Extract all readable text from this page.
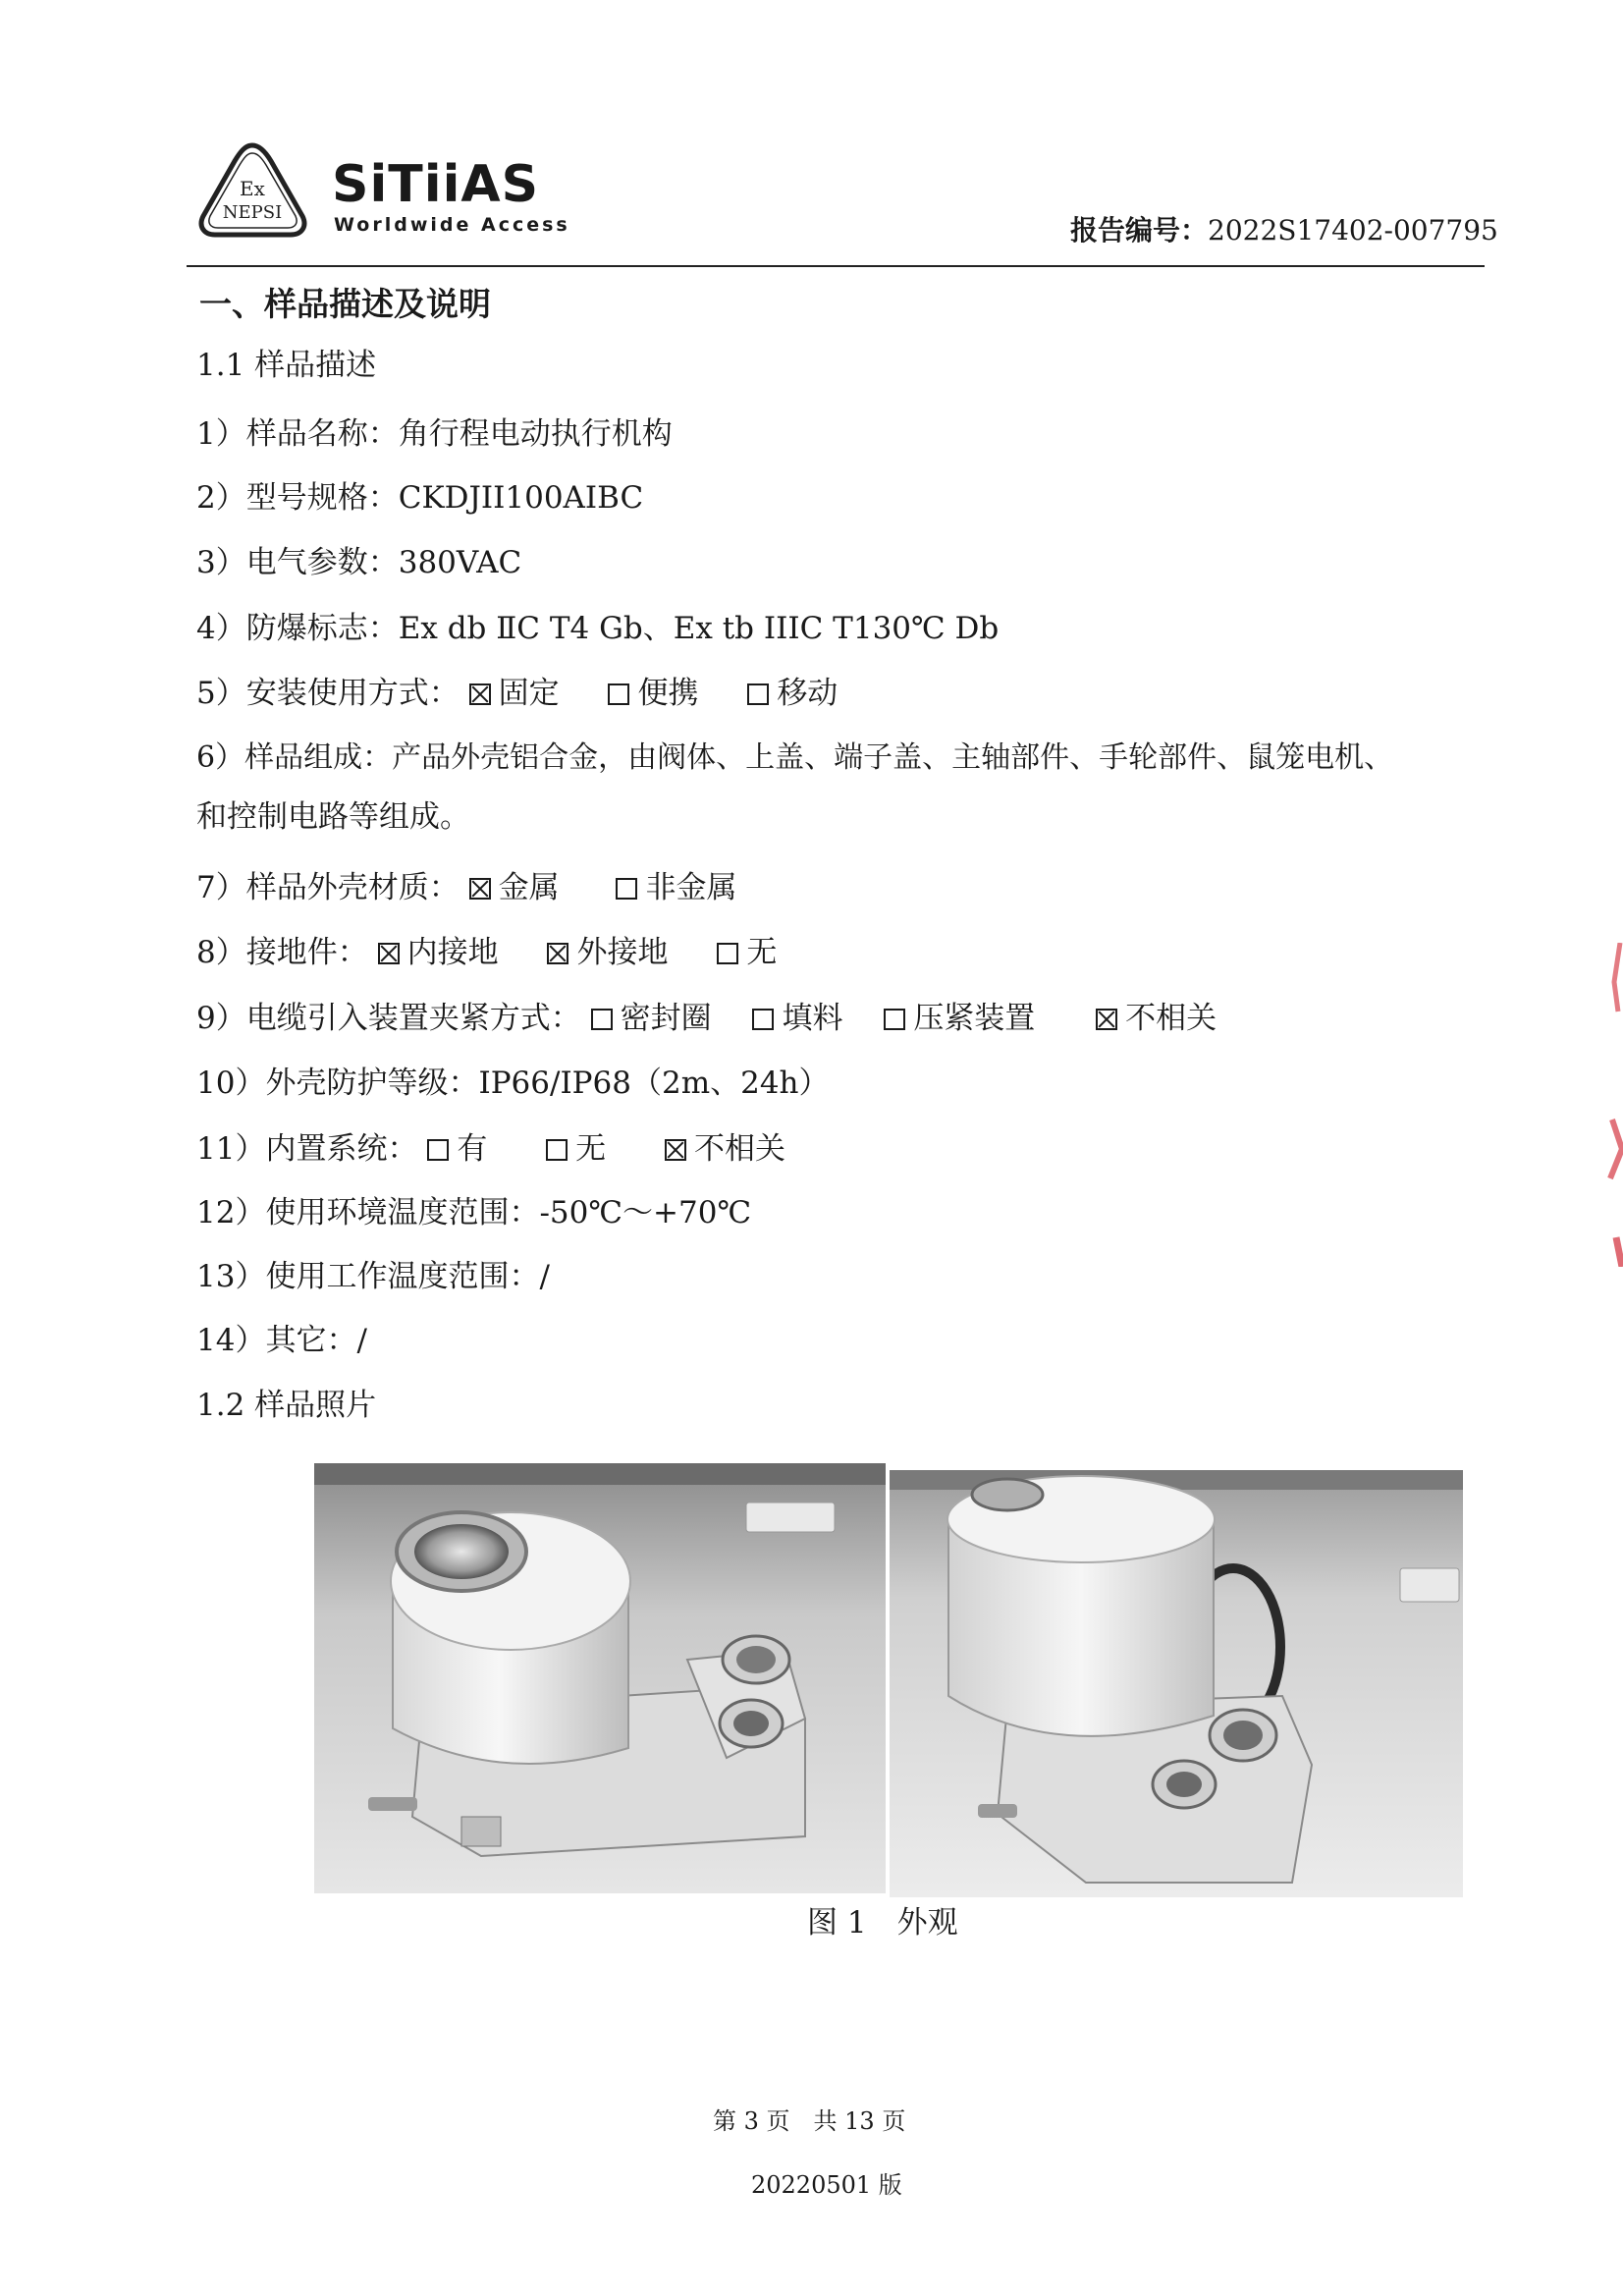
Ex
NEPSI SiTiiAS
Worldwide Access	报告编号：2022S17402-007795
一、样品描述及说明
1.1 样品描述
1）样品名称：角行程电动执行机构
2）型号规格：CKDJII100AIBC
3）电气参数：380VAC
4）防爆标志：Ex db ⅡC T4 Gb、Ex tb IIIC T130℃ Db
5）安装使用方式： 固定	便携	移动
6）样品组成：产品外壳铝合金，由阀体、上盖、端子盖、主轴部件、手轮部件、鼠笼电机、
和控制电路等组成。
7）样品外壳材质： 金属	非金属
8）接地件： 内接地	外接地	无
9）电缆引入装置夹紧方式： 密封圈 填料 压紧装置	不相关
10）外壳防护等级：IP66/IP68（2m、24h）
11）内置系统： 有	无	不相关
12）使用环境温度范围：-50℃～+70℃
13）使用工作温度范围：/
14）其它：/
1.2 样品照片
图 1　外观
第 3 页　共 13 页
20220501 版
